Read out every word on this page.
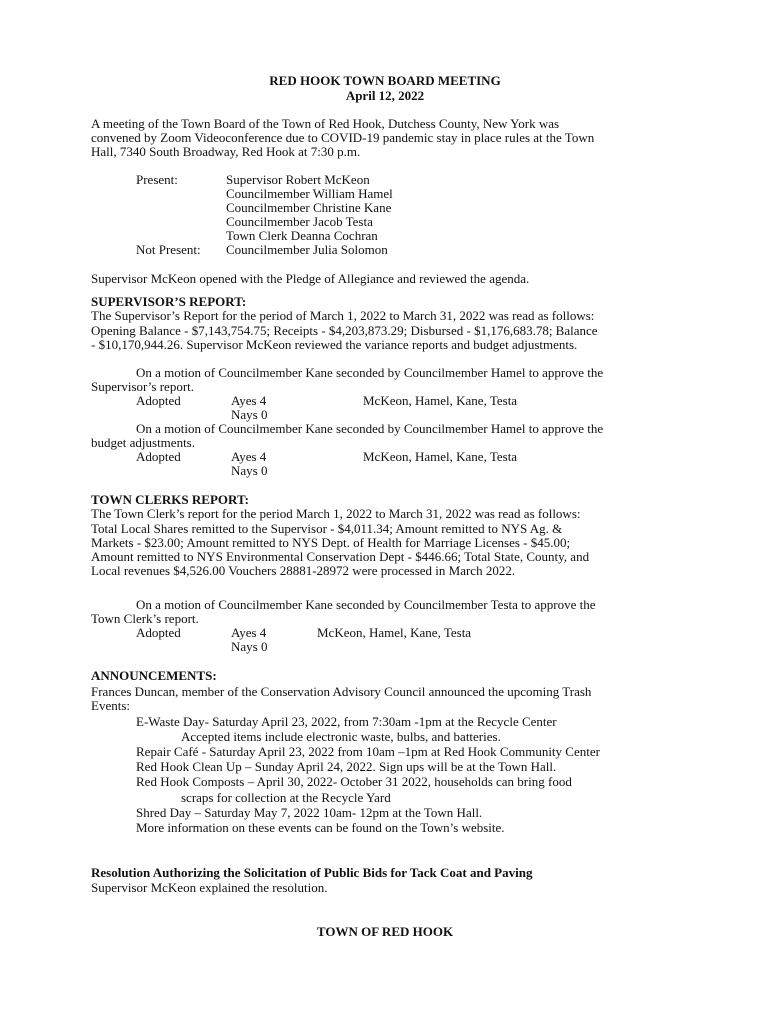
RED HOOK TOWN BOARD MEETING
April 12, 2022
A meeting of the Town Board of the Town of Red Hook, Dutchess County, New York was
convened by Zoom Videoconference due to COVID-19 pandemic stay in place rules at the Town
Hall, 7340 South Broadway, Red Hook at 7:30 p.m.
Present:	Supervisor Robert McKeon
Councilmember William Hamel
Councilmember Christine Kane
Councilmember Jacob Testa
Town Clerk Deanna Cochran
Not Present: Councilmember Julia Solomon
Supervisor McKeon opened with the Pledge of Allegiance and reviewed the agenda.
SUPERVISOR’S REPORT:
The Supervisor’s Report for the period of March 1, 2022 to March 31, 2022 was read as follows:
Opening Balance - $7,143,754.75; Receipts - $4,203,873.29; Disbursed - $1,176,683.78; Balance
- $10,170,944.26. Supervisor McKeon reviewed the variance reports and budget adjustments.
On a motion of Councilmember Kane seconded by Councilmember Hamel to approve the
Supervisor’s report.
Adopted	Ayes 4	McKeon, Hamel, Kane, Testa
Nays 0
On a motion of Councilmember Kane seconded by Councilmember Hamel to approve the
budget adjustments.
Adopted	Ayes 4	McKeon, Hamel, Kane, Testa
Nays 0
TOWN CLERKS REPORT:
The Town Clerk’s report for the period March 1, 2022 to March 31, 2022 was read as follows:
Total Local Shares remitted to the Supervisor - $4,011.34; Amount remitted to NYS Ag. &
Markets - $23.00; Amount remitted to NYS Dept. of Health for Marriage Licenses - $45.00;
Amount remitted to NYS Environmental Conservation Dept - $446.66; Total State, County, and
Local revenues $4,526.00 Vouchers 28881-28972 were processed in March 2022.
On a motion of Councilmember Kane seconded by Councilmember Testa to approve the
Town Clerk’s report.
Adopted	Ayes 4	McKeon, Hamel, Kane, Testa
Nays 0
ANNOUNCEMENTS:
Frances Duncan, member of the Conservation Advisory Council announced the upcoming Trash
Events:
E-Waste Day- Saturday April 23, 2022, from 7:30am -1pm at the Recycle Center
Accepted items include electronic waste, bulbs, and batteries.
Repair Café - Saturday April 23, 2022 from 10am –1pm at Red Hook Community Center
Red Hook Clean Up – Sunday April 24, 2022. Sign ups will be at the Town Hall.
Red Hook Composts – April 30, 2022- October 31 2022, households can bring food
scraps for collection at the Recycle Yard
Shred Day – Saturday May 7, 2022 10am- 12pm at the Town Hall.
More information on these events can be found on the Town’s website.
Resolution Authorizing the Solicitation of Public Bids for Tack Coat and Paving
Supervisor McKeon explained the resolution.
TOWN OF RED HOOK
